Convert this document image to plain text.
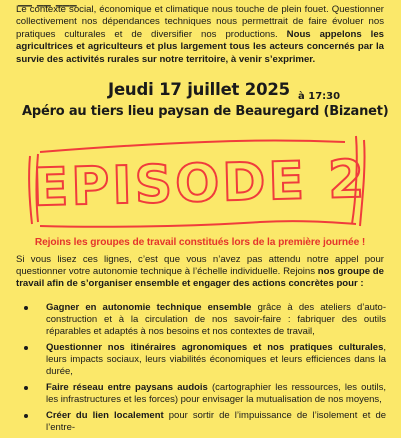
Le contexte social, économique et climatique nous touche de plein fouet. Questionner collectivement nos dépendances techniques nous permettrait de faire évoluer nos pratiques culturales et de diversifier nos productions. Nous appelons les agricultrices et agriculteurs et plus largement tous les acteurs concernés par la survie des activités rurales sur notre territoire, à venir s’exprimer.

Jeudi 17 juillet 2025 à 17:30
Apéro au tiers lieu paysan de Beauregard (Bizanet)
EPISODE 2
Rejoins les groupes de travail constitués lors de la première journée !

Si vous lisez ces lignes, c’est que vous n’avez pas attendu notre appel pour questionner votre autonomie technique à l’échelle individuelle. Rejoins nos groupe de travail afin de s’organiser ensemble et engager des actions concrètes pour :

Gagner en autonomie technique ensemble grâce à des ateliers d’auto-construction et à la circulation de nos savoir-faire : fabriquer des outils réparables et adaptés à nos besoins et nos contextes de travail,
Questionner nos itinéraires agronomiques et nos pratiques culturales, leurs impacts sociaux, leurs viabilités économiques et leurs efficiences dans la durée,
Faire réseau entre paysans audois (cartographier les ressources, les outils, les infrastructures et les forces) pour envisager la mutualisation de nos moyens,
Créer du lien localement pour sortir de l’impuissance de l’isolement et de l’entre-
